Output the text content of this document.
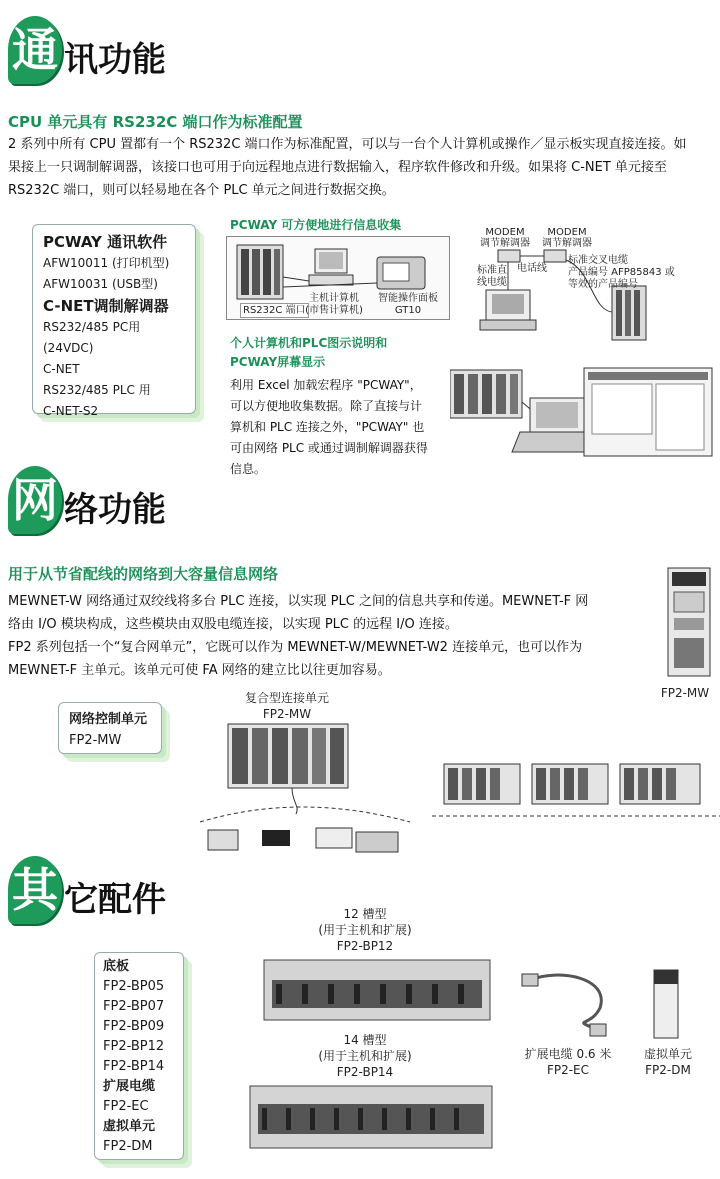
通 讯功能
CPU 单元具有 RS232C 端口作为标准配置
2 系列中所有 CPU 置都有一个 RS232C 端口作为标准配置，可以与一台个人计算机或操作／显示板实现直接连接。如
果接上一只调制解调器，该接口也可用于向远程地点进行数据输入，程序软件修改和升级。如果将 C-NET 单元接至
RS232C 端口，则可以轻易地在各个 PLC 单元之间进行数据交换。
PCWAY 通讯软件
AFW10011 (打印机型)
AFW10031 (USB型)
C-NET调制解调器
RS232/485 PC用(24VDC)
C-NET
RS232/485 PLC 用
C-NET-S2
PCWAY 可方便地进行信息收集
RS232C 端口
主机计算机
(市售计算机)
智能操作面板
GT10
MODEM
调节解调器
MODEM
调节解调器
电话线
标准直
线电缆
标准交叉电缆
产品编号 AFP85843 或
等效的产品编号
个人计算机和PLC图示说明和
PCWAY屏幕显示
利用 Excel 加载宏程序 "PCWAY"，
可以方便地收集数据。除了直接与计
算机和 PLC 连接之外，"PCWAY" 也
可由网络 PLC 或通过调制解调器获得
信息。
网 络功能
用于从节省配线的网络到大容量信息网络
MEWNET-W 网络通过双绞线将多台 PLC 连接，以实现 PLC 之间的信息共享和传递。MEWNET-F 网
络由 I/O 模块构成，这些模块由双股电缆连接，以实现 PLC 的远程 I/O 连接。
FP2 系列包括一个“复合网单元”，它既可以作为 MEWNET-W/MEWNET-W2 连接单元，也可以作为
MEWNET-F 主单元。该单元可使 FA 网络的建立比以往更加容易。
FP2-MW
网络控制单元
FP2-MW
复合型连接单元
FP2-MW
其 它配件
底板
FP2-BP05
FP2-BP07
FP2-BP09
FP2-BP12
FP2-BP14
扩展电缆
FP2-EC
虚拟单元
FP2-DM
12 槽型
(用于主机和扩展)
FP2-BP12
14 槽型
(用于主机和扩展)
FP2-BP14
扩展电缆 0.6 米
FP2-EC
虚拟单元
FP2-DM
